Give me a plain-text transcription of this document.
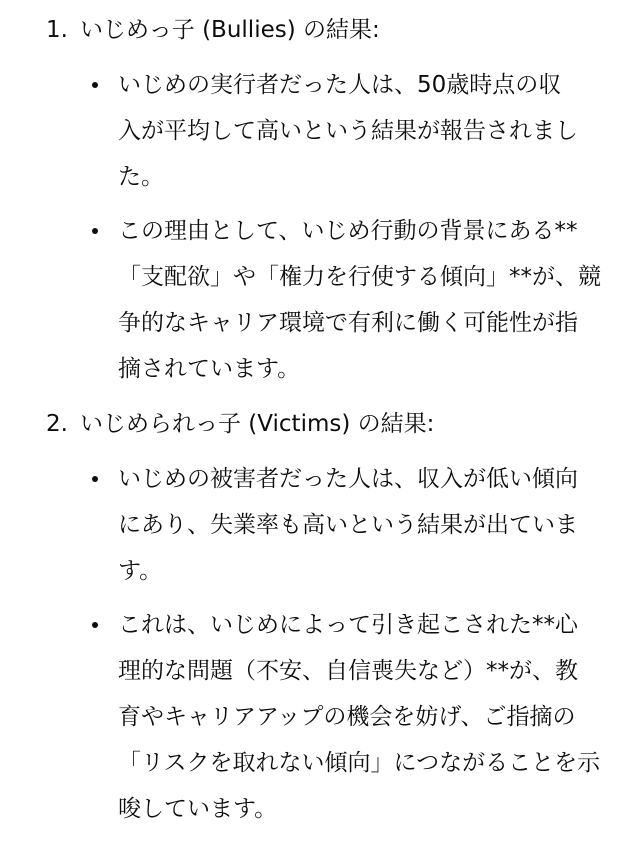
1. いじめっ子 (Bullies) の結果:
いじめの実行者だった人は、50歳時点の収
入が平均して高いという結果が報告されまし
た。
この理由として、いじめ行動の背景にある**
「支配欲」や「権力を行使する傾向」**が、競
争的なキャリア環境で有利に働く可能性が指
摘されています。
2. いじめられっ子 (Victims) の結果:
いじめの被害者だった人は、収入が低い傾向
にあり、失業率も高いという結果が出ていま
す。
これは、いじめによって引き起こされた**心
理的な問題（不安、自信喪失など）**が、教
育やキャリアアップの機会を妨げ、ご指摘の
「リスクを取れない傾向」につながることを示
唆しています。
